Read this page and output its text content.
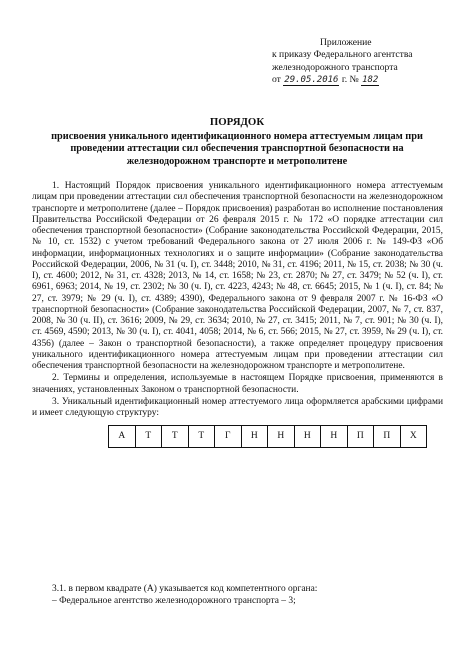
Приложение
к приказу Федерального агентства
железнодорожного транспорта
от 29.05.2016 г. № 182
ПОРЯДОК
присвоения уникального идентификационного номера аттестуемым лицам при проведении аттестации сил обеспечения транспортной безопасности на железнодорожном транспорте и метрополитене

1. Настоящий Порядок присвоения уникального идентификационного номера аттестуемым лицам при проведении аттестации сил обеспечения транспортной безопасности на железнодорожном транспорте и метрополитене (далее – Порядок присвоения) разработан во исполнение постановления Правительства Российской Федерации от 26 февраля 2015 г. № 172 «О порядке аттестации сил обеспечения транспортной безопасности» (Собрание законодательства Российской Федерации, 2015, № 10, ст. 1532) с учетом требований Федерального закона от 27 июля 2006 г. № 149-ФЗ «Об информации, информационных технологиях и о защите информации» (Собрание законодательства Российской Федерации, 2006, № 31 (ч. I), ст. 3448; 2010, № 31, ст. 4196; 2011, № 15, ст. 2038; № 30 (ч. I), ст. 4600; 2012, № 31, ст. 4328; 2013, № 14, ст. 1658; № 23, ст. 2870; № 27, ст. 3479; № 52 (ч. I), ст. 6961, 6963; 2014, № 19, ст. 2302; № 30 (ч. I), ст. 4223, 4243; № 48, ст. 6645; 2015, № 1 (ч. I), ст. 84; № 27, ст. 3979; № 29 (ч. I), ст. 4389; 4390), Федерального закона от 9 февраля 2007 г. № 16-ФЗ «О транспортной безопасности» (Собрание законодательства Российской Федерации, 2007, № 7, ст. 837, 2008, № 30 (ч. II), ст. 3616; 2009, № 29, ст. 3634; 2010, № 27, ст. 3415; 2011, № 7, ст. 901; № 30 (ч. I), ст. 4569, 4590; 2013, № 30 (ч. I), ст. 4041, 4058; 2014, № 6, ст. 566; 2015, № 27, ст. 3959, № 29 (ч. I), ст. 4356) (далее – Закон о транспортной безопасности), а также определяет процедуру присвоения уникального идентификационного номера аттестуемым лицам при проведении аттестации сил обеспечения транспортной безопасности на железнодорожном транспорте и метрополитене.

2. Термины и определения, используемые в настоящем Порядке присвоения, применяются в значениях, установленных Законом о транспортной безопасности.

3. Уникальный идентификационный номер аттестуемого лица оформляется арабскими цифрами и имеет следующую структуру:

А	Т	Т	Т	Г	Н	Н	Н	Н	П	П	Х

3.1. в первом квадрате (А) указывается код компетентного органа:

– Федеральное агентство железнодорожного транспорта – 3;
